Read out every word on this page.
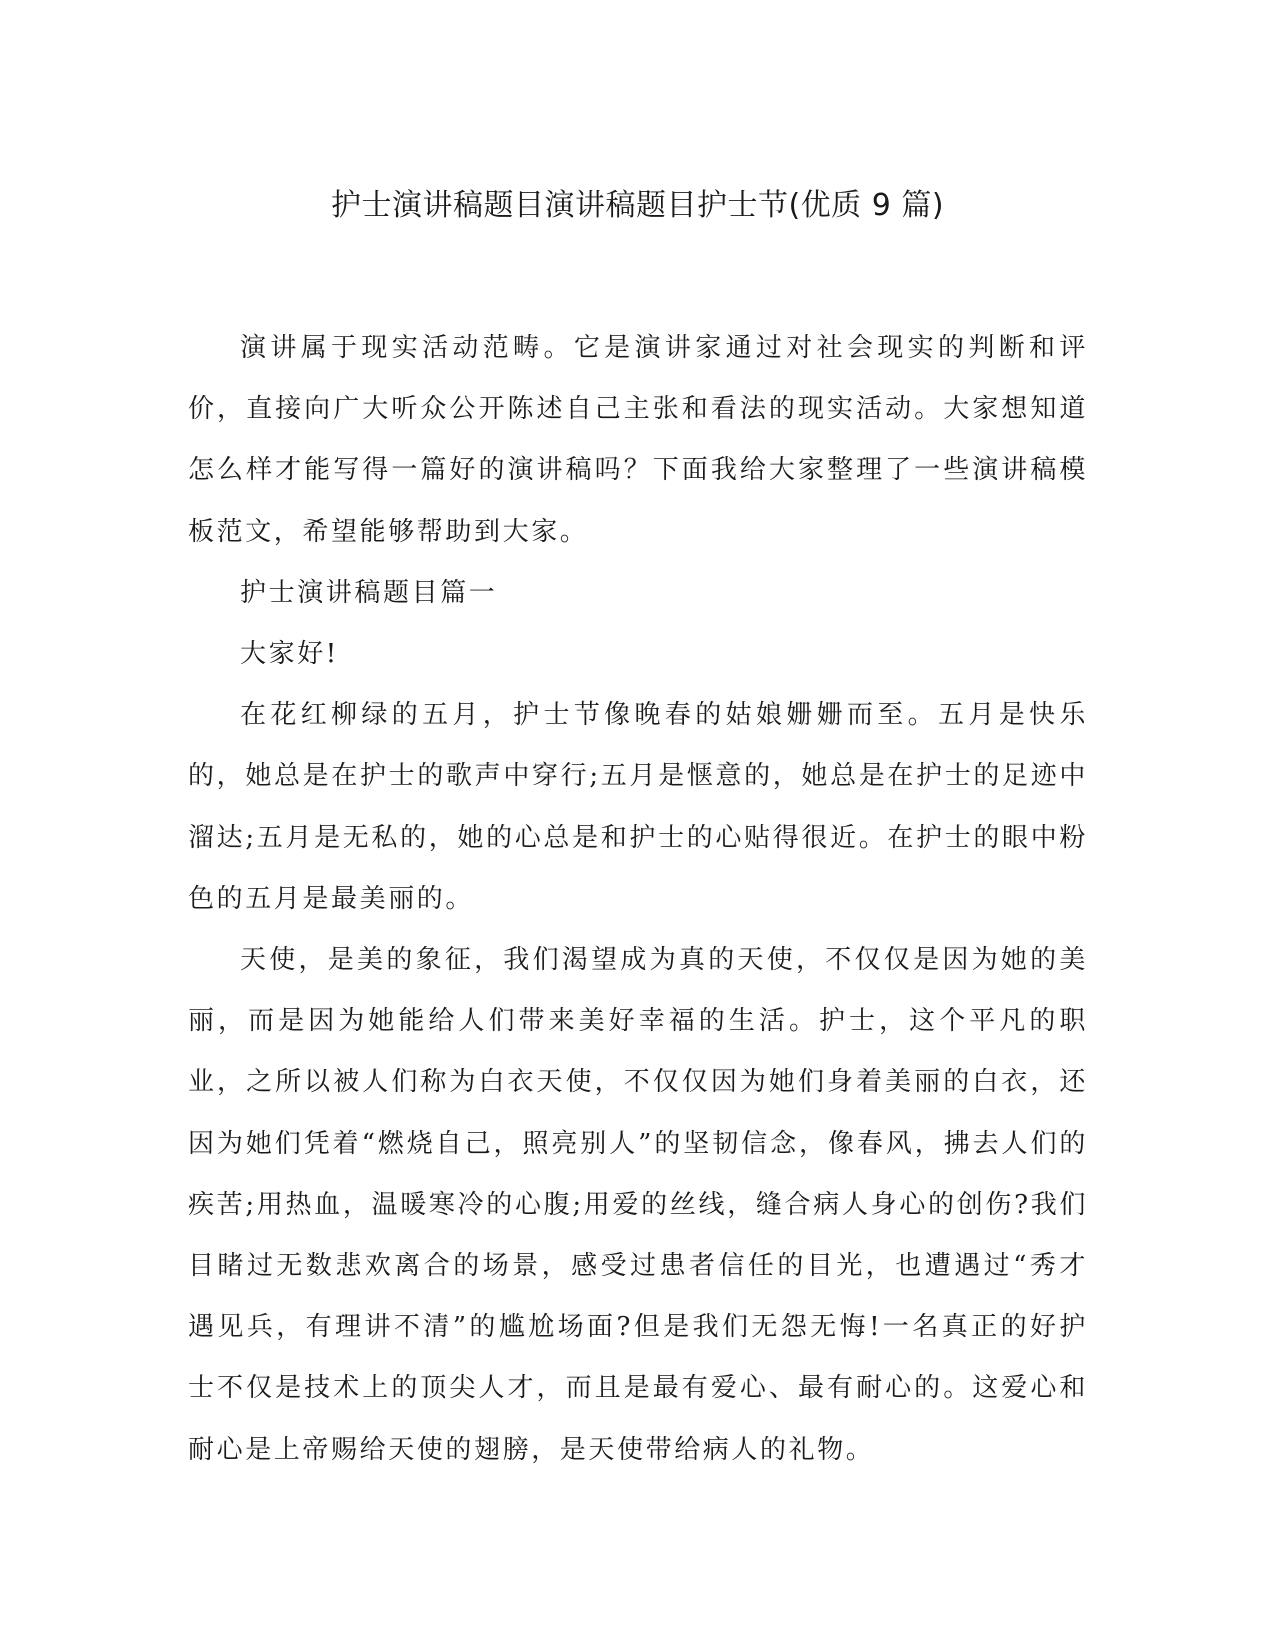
护士演讲稿题目演讲稿题目护士节(优质 9 篇)

演讲属于现实活动范畴。它是演讲家通过对社会现实的判断和评价，直接向广大听众公开陈述自己主张和看法的现实活动。大家想知道怎么样才能写得一篇好的演讲稿吗？下面我给大家整理了一些演讲稿模板范文，希望能够帮助到大家。

护士演讲稿题目篇一

大家好!

在花红柳绿的五月，护士节像晚春的姑娘姗姗而至。五月是快乐的，她总是在护士的歌声中穿行;五月是惬意的，她总是在护士的足迹中溜达;五月是无私的，她的心总是和护士的心贴得很近。在护士的眼中粉色的五月是最美丽的。

天使，是美的象征，我们渴望成为真的天使，不仅仅是因为她的美丽，而是因为她能给人们带来美好幸福的生活。护士，这个平凡的职业，之所以被人们称为白衣天使，不仅仅因为她们身着美丽的白衣，还因为她们凭着“燃烧自己，照亮别人”的坚韧信念，像春风，拂去人们的疾苦;用热血，温暖寒冷的心腹;用爱的丝线，缝合病人身心的创伤?我们目睹过无数悲欢离合的场景，感受过患者信任的目光，也遭遇过“秀才遇见兵，有理讲不清”的尴尬场面?但是我们无怨无悔!一名真正的好护士不仅是技术上的顶尖人才，而且是最有爱心、最有耐心的。这爱心和耐心是上帝赐给天使的翅膀，是天使带给病人的礼物。
